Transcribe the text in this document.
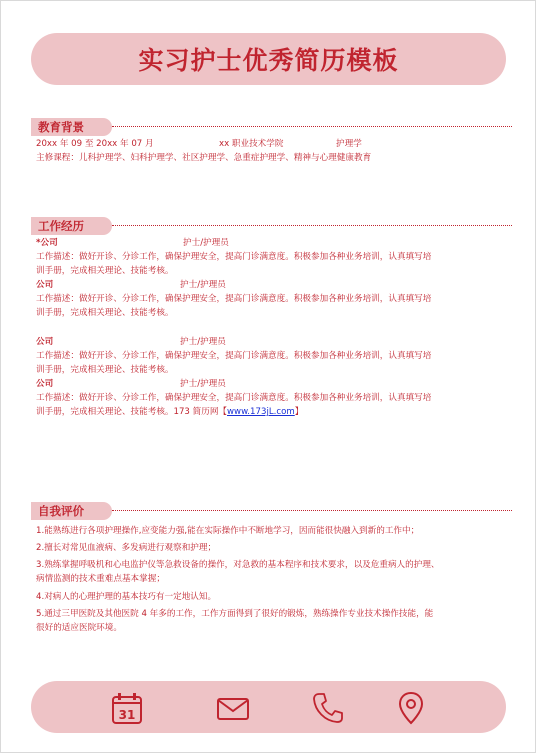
实习护士优秀简历模板
教育背景
20xx 年 09 至 20xx 年 07 月	xx 职业技术学院	护理学
主修课程：儿科护理学、妇科护理学、社区护理学、急重症护理学、精神与心理健康教育
工作经历
*公司	护士/护理员
工作描述：做好开诊、分诊工作，确保护理安全，提高门诊满意度。积极参加各种业务培训，认真填写培
训手册，完成相关理论、技能考核。
公司	护士/护理员
工作描述：做好开诊、分诊工作，确保护理安全，提高门诊满意度。积极参加各种业务培训，认真填写培
训手册，完成相关理论、技能考核。
公司	护士/护理员
工作描述：做好开诊、分诊工作，确保护理安全，提高门诊满意度。积极参加各种业务培训，认真填写培
训手册，完成相关理论、技能考核。
公司	护士/护理员
工作描述：做好开诊、分诊工作，确保护理安全，提高门诊满意度。积极参加各种业务培训，认真填写培
训手册，完成相关理论、技能考核。173 简历网【www.173jL.com】
自我评价
1.能熟练进行各项护理操作,应变能力强,能在实际操作中不断地学习，因而能很快融入到新的工作中；
2.擅长对常见血液病、多发病进行观察和护理；
3.熟练掌握呼吸机和心电监护仪等急救设备的操作，对急救的基本程序和技术要求，以及危重病人的护理、
病情监测的技术重难点基本掌握；
4.对病人的心理护理的基本技巧有一定地认知。
5.通过三甲医院及其他医院 4 年多的工作，工作方面得到了很好的锻炼，熟练操作专业技术操作技能，能
很好的适应医院环境。
31
